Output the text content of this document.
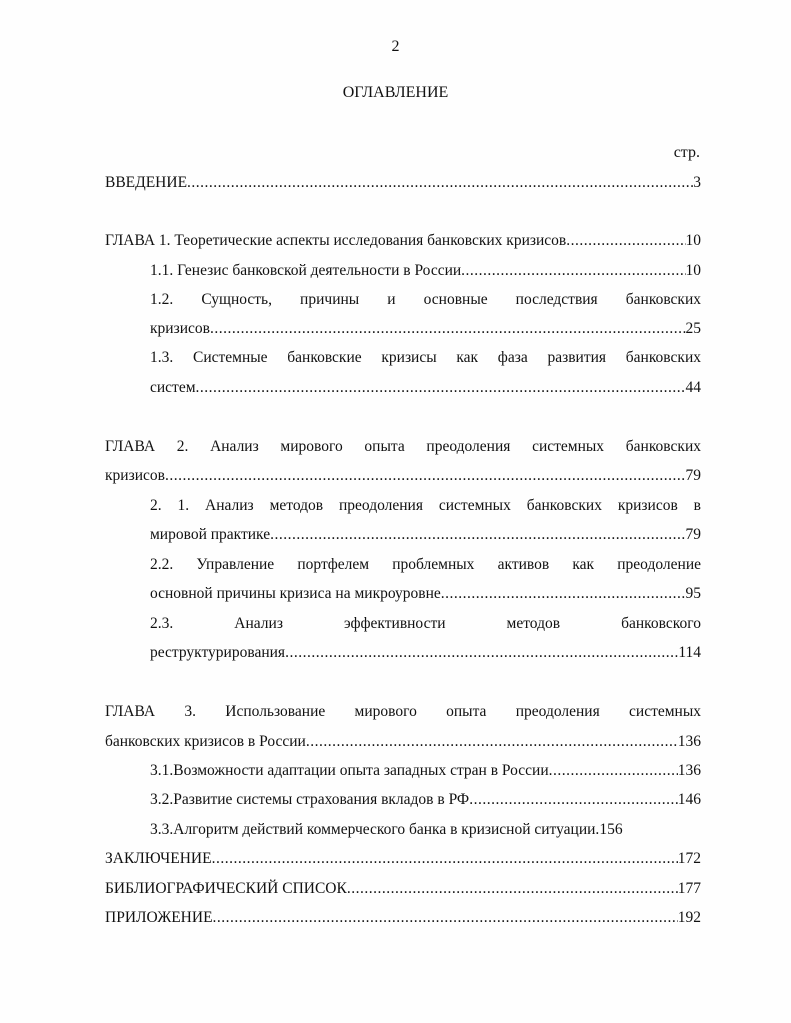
2
ОГЛАВЛЕНИЕ
стр.
ВВЕДЕНИЕ .....	3
ГЛАВА 1. Теоретические аспекты исследования банковских кризисов .....	10
1.1. Генезис банковской деятельности в России .....	10
1.2. Сущность, причины и основные последствия банковских
кризисов .....	25
1.3. Системные банковские кризисы как фаза развития банковских
систем .....	44
ГЛАВА 2. Анализ мирового опыта преодоления системных банковских
кризисов .....	79
2. 1. Анализ методов преодоления системных банковских кризисов в
мировой практике .....	79
2.2. Управление портфелем проблемных активов как преодоление
основной причины кризиса на микроуровне .....	95
2.3. Анализ эффективности методов банковского
реструктурирования .....	114
ГЛАВА 3. Использование мирового опыта преодоления системных
банковских кризисов в России .....	136
3.1.Возможности адаптации опыта западных стран в России .....	136
3.2.Развитие системы страхования вкладов в РФ .....	146
3.3.Алгоритм действий коммерческого банка в кризисной ситуации. 156
ЗАКЛЮЧЕНИЕ .....	172
БИБЛИОГРАФИЧЕСКИЙ СПИСОК .....	177
ПРИЛОЖЕНИЕ .....	192
